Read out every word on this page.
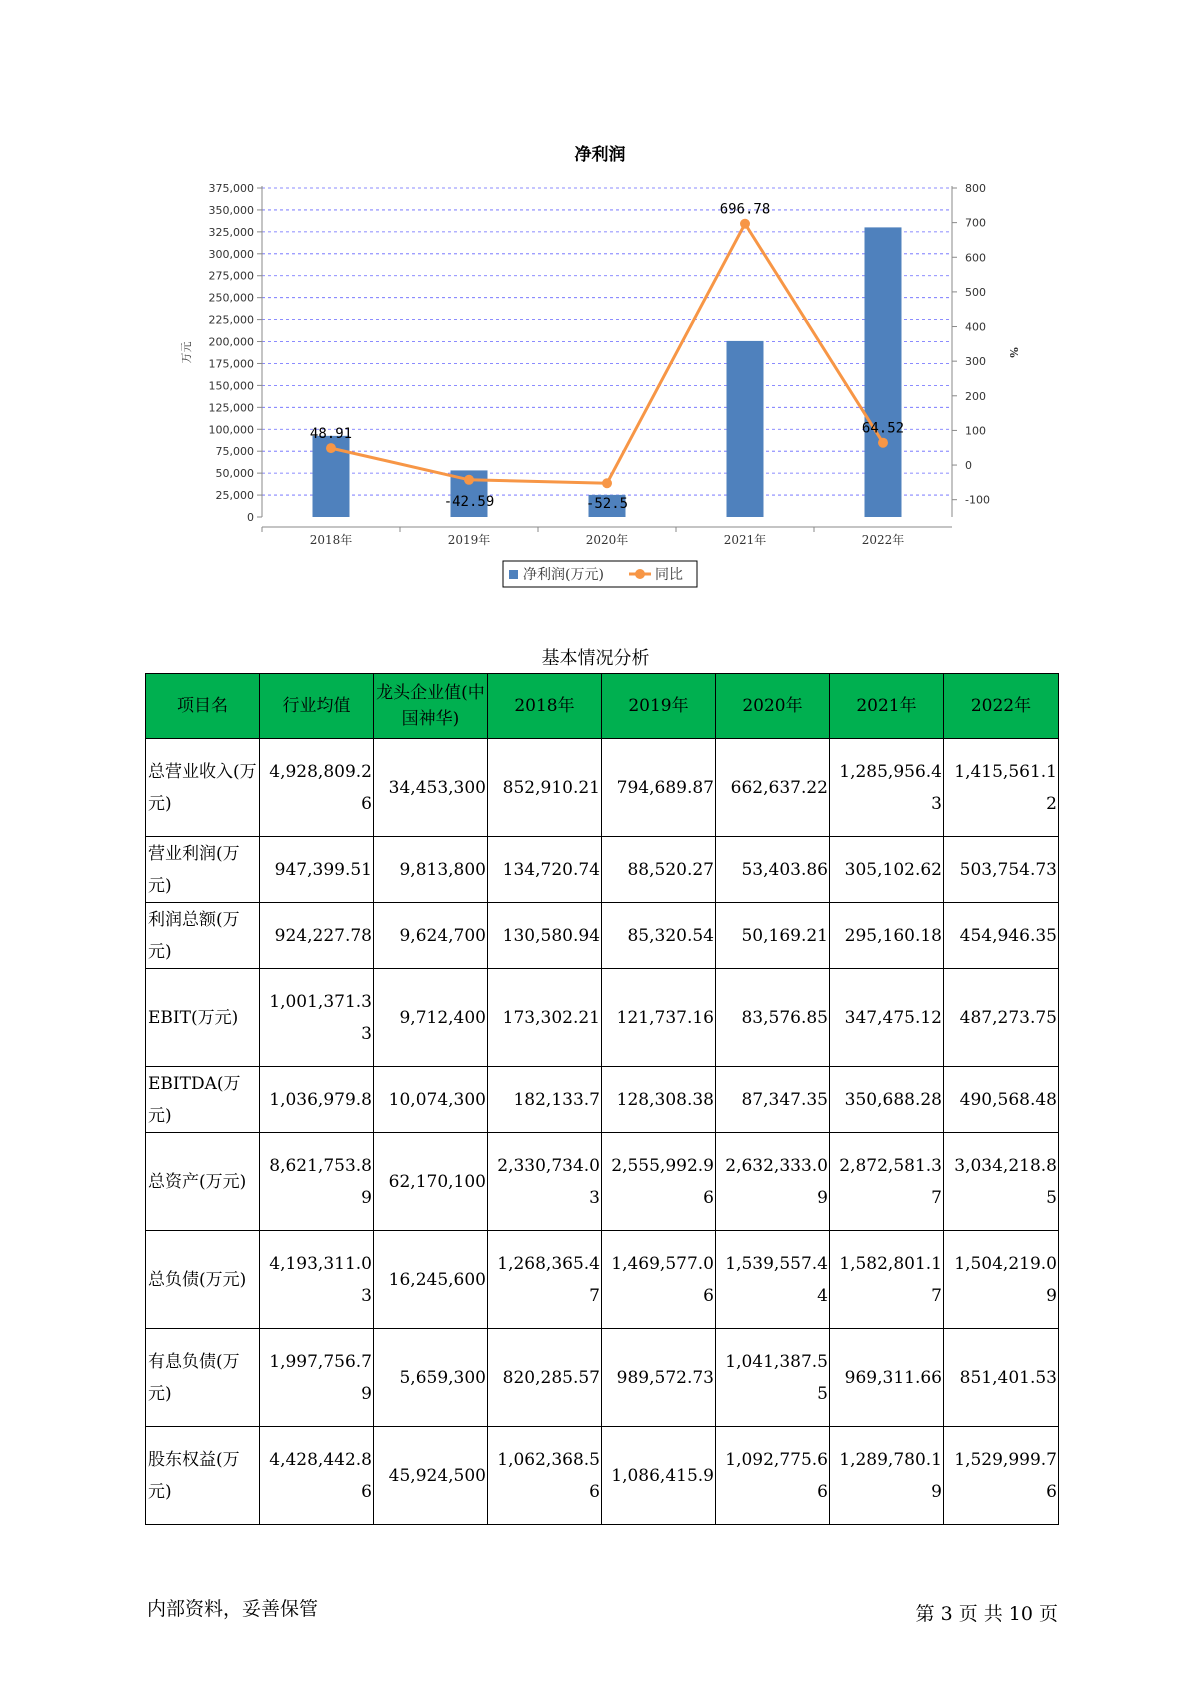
净利润
375,000
350,000
325,000
300,000
275,000
250,000
225,000
200,000
175,000
150,000
125,000
100,000
75,000
50,000
25,000
0
800
700
600
500
400
300
200
100
0
-100
万元	%
2018年	2019年	2020年	2021年	2022年
48.91
-42.59	-52.5
696.78
64.52
净利润(万元)	同比
基本情况分析
项目名	行业均值	龙头企业值(中国神华)	2018年	2019年	2020年	2021年	2022年
总营业收入(万元)	4,928,809.26	34,453,300	852,910.21	794,689.87	662,637.22	1,285,956.43	1,415,561.12
营业利润(万元)	947,399.51	9,813,800	134,720.74	88,520.27	53,403.86	305,102.62	503,754.73
利润总额(万元)	924,227.78	9,624,700	130,580.94	85,320.54	50,169.21	295,160.18	454,946.35
EBIT(万元)	1,001,371.33	9,712,400	173,302.21	121,737.16	83,576.85	347,475.12	487,273.75
EBITDA(万元)	1,036,979.8	10,074,300	182,133.7	128,308.38	87,347.35	350,688.28	490,568.48
总资产(万元)	8,621,753.89	62,170,100	2,330,734.03	2,555,992.96	2,632,333.09	2,872,581.37	3,034,218.85
总负债(万元)	4,193,311.03	16,245,600	1,268,365.47	1,469,577.06	1,539,557.44	1,582,801.17	1,504,219.09
有息负债(万元)	1,997,756.79	5,659,300	820,285.57	989,572.73	1,041,387.55	969,311.66	851,401.53
股东权益(万元)	4,428,442.86	45,924,500	1,062,368.56	1,086,415.9	1,092,775.66	1,289,780.19	1,529,999.76
内部资料，妥善保管	第 3 页 共 10 页
